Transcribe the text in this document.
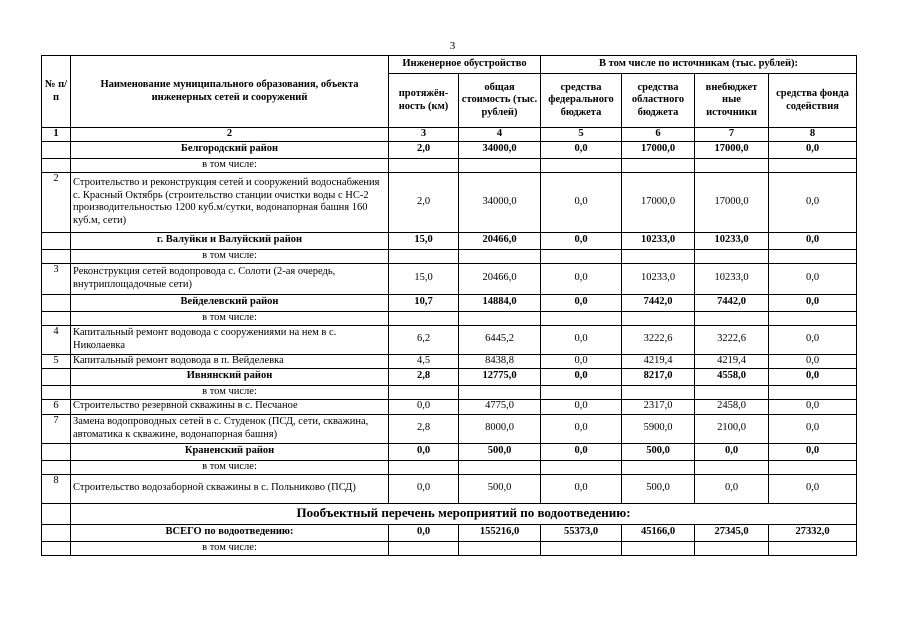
3
№ п/п	Наименование муниципального образования, объекта инженерных сетей и сооружений	Инженерное обустройство		В том числе по источникам (тыс. рублей):			
		протяжён-ность (км)	общая стоимость (тыс. рублей)	средства федерального бюджета	средства областного бюджета	внебюджет ные источники	средства фонда содействия
1	2	3	4	5	6	7	8
	Белгородский район	2,0	34000,0	0,0	17000,0	17000,0	0,0
	в том числе:						
2	Строительство и реконструкция сетей и сооружений водоснабжения с. Красный Октябрь (строительство станции очистки воды с НС-2 производительностью 1200 куб.м/сутки, водонапорная башня 160 куб.м, сети)	2,0	34000,0	0,0	17000,0	17000,0	0,0
	г. Валуйки и Валуйский район	15,0	20466,0	0,0	10233,0	10233,0	0,0
	в том числе:						
3	Реконструкция сетей водопровода с. Солоти (2-ая очередь, внутриплощадочные сети)	15,0	20466,0	0,0	10233,0	10233,0	0,0
	Вейделевский район	10,7	14884,0	0,0	7442,0	7442,0	0,0
	в том числе:						
4	Капитальный ремонт водовода с сооружениями на нем в с. Николаевка	6,2	6445,2	0,0	3222,6	3222,6	0,0
5	Капитальный ремонт водовода в п. Вейделевка	4,5	8438,8	0,0	4219,4	4219,4	0,0
	Ивнянский район	2,8	12775,0	0,0	8217,0	4558,0	0,0
	в том числе:						
6	Строительство резервной скважины в с. Песчаное	0,0	4775,0	0,0	2317,0	2458,0	0,0
7	Замена водопроводных сетей в с. Студенок (ПСД, сети, скважина, автоматика к скважине, водонапорная башня)	2,8	8000,0	0,0	5900,0	2100,0	0,0
	Краненский район	0,0	500,0	0,0	500,0	0,0	0,0
	в том числе:						
8	Строительство водозаборной скважины в с. Польниково (ПСД)	0,0	500,0	0,0	500,0	0,0	0,0
	Пообъектный перечень мероприятий по водоотведению:						
	ВСЕГО по водоотведению:	0,0	155216,0	55373,0	45166,0	27345,0	27332,0
	в том числе:						
